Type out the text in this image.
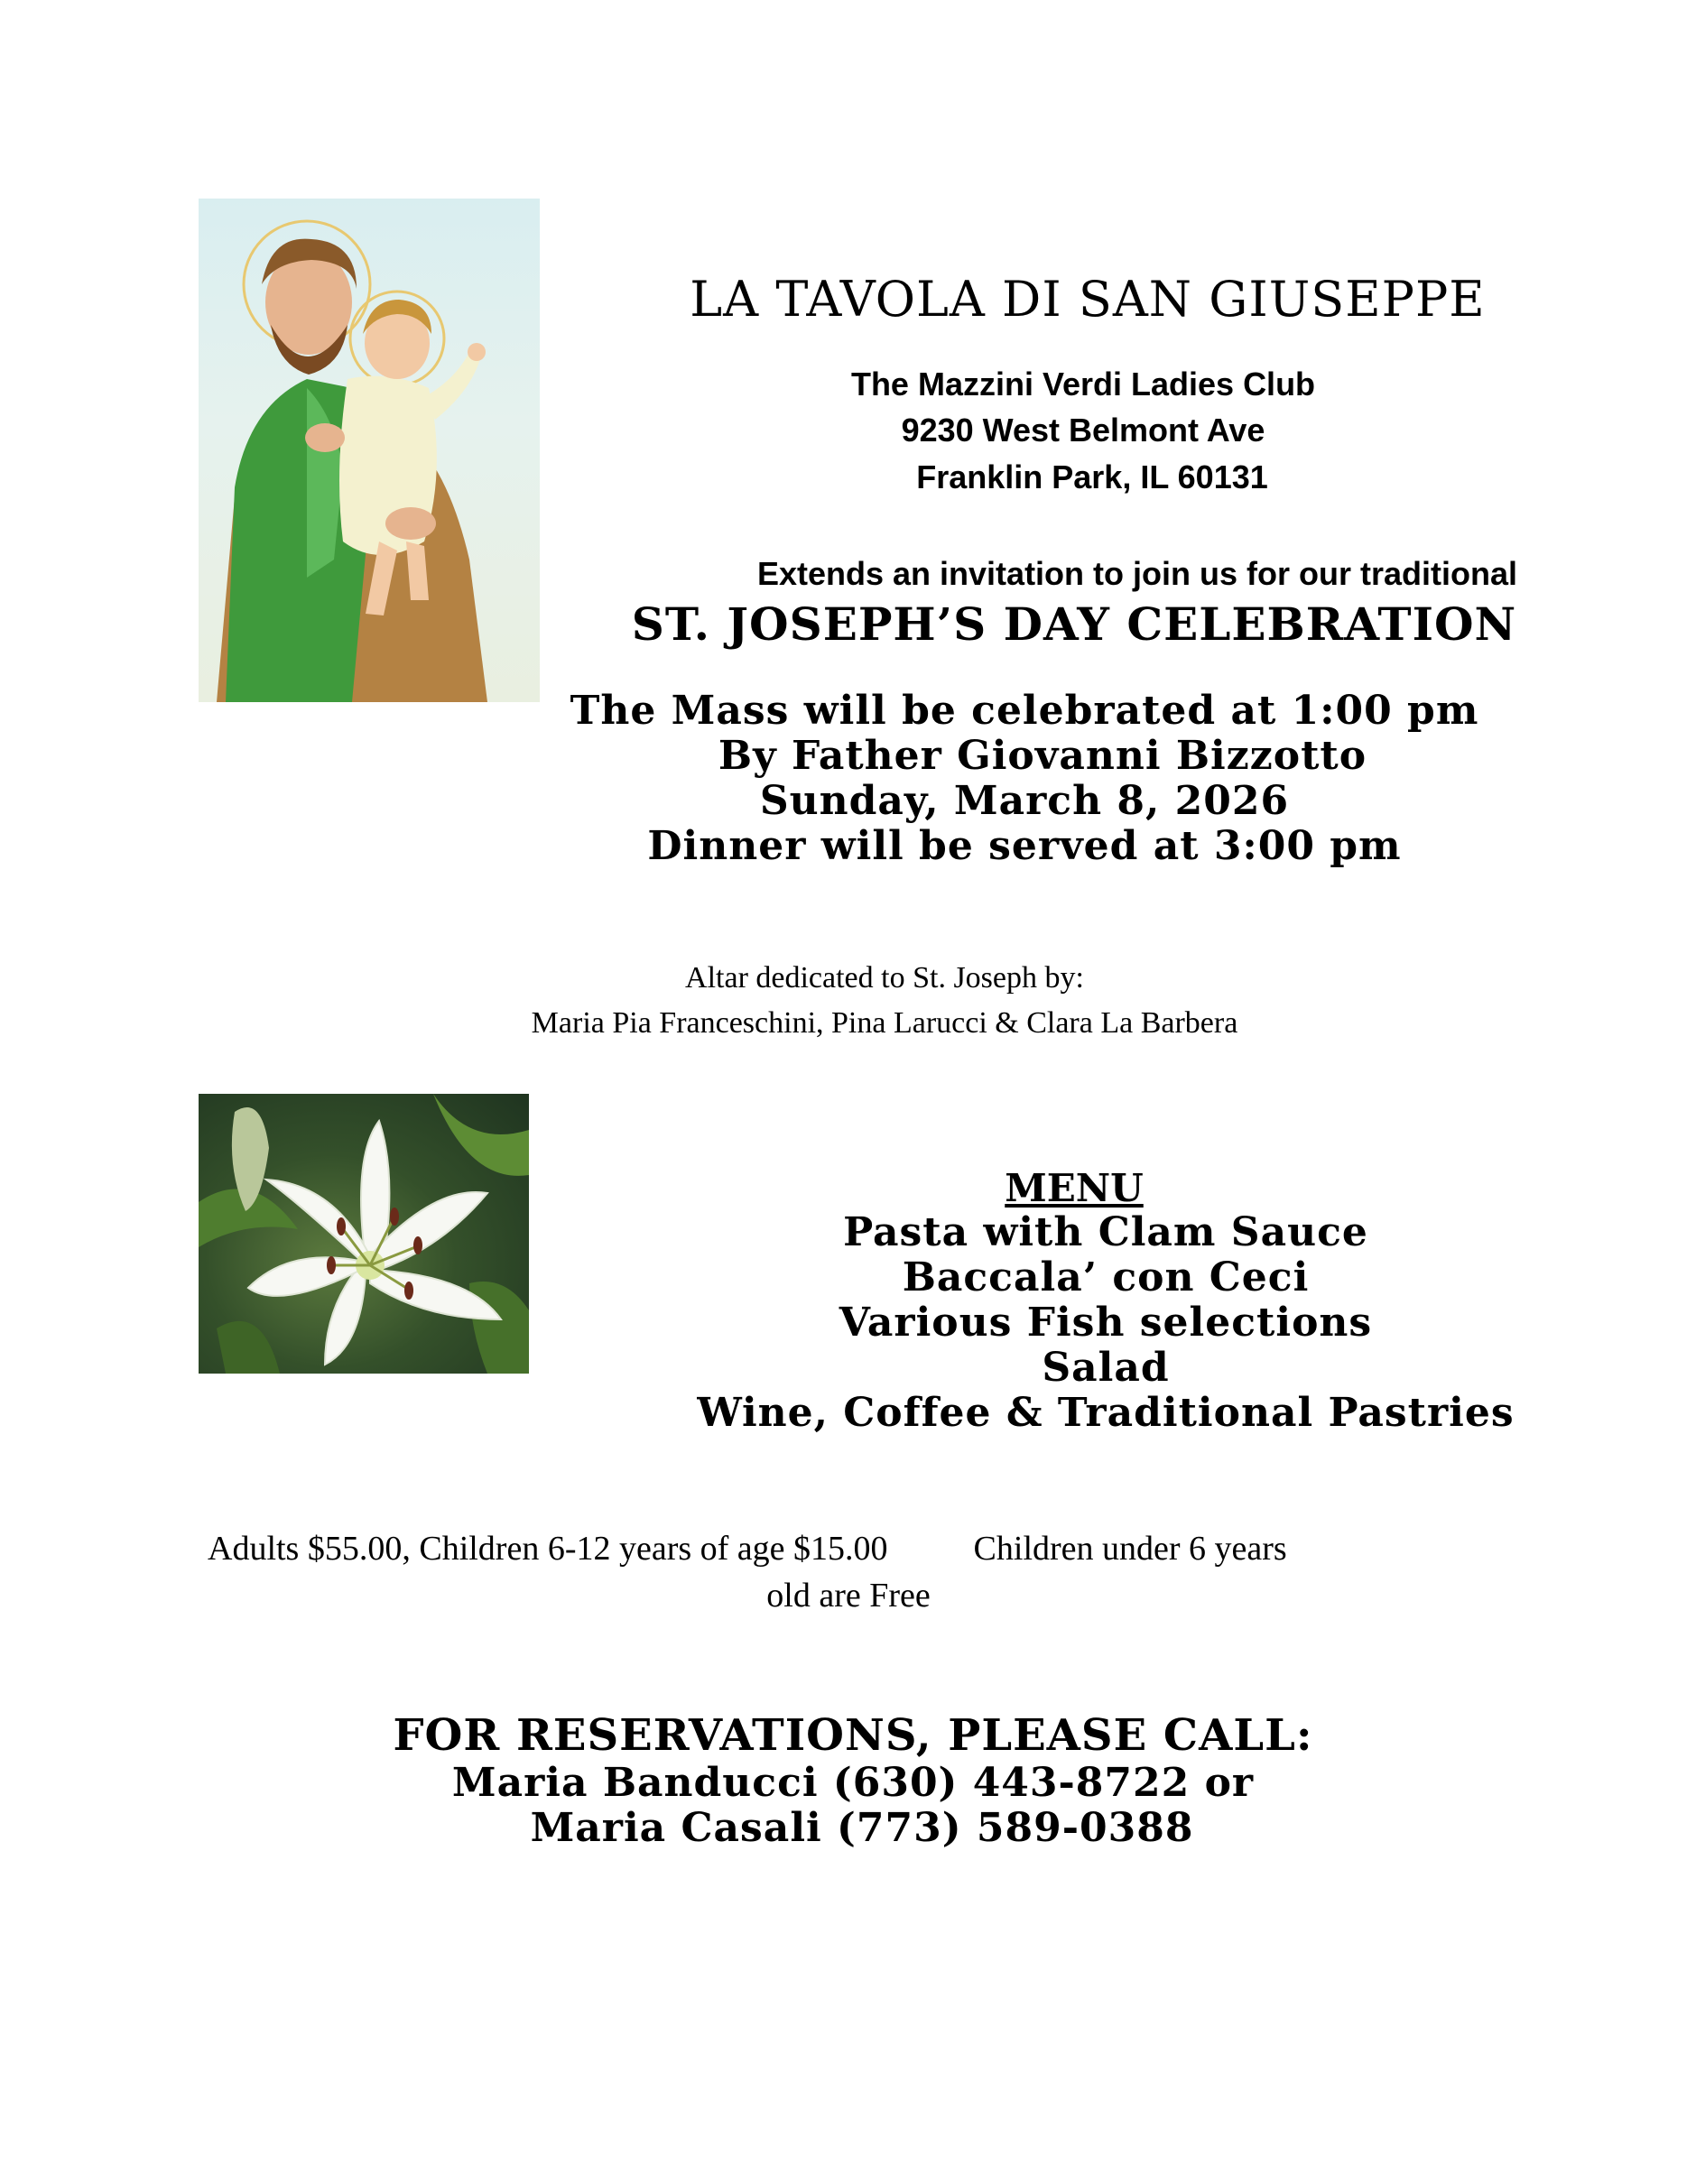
LA TAVOLA DI SAN GIUSEPPE
The Mazzini Verdi Ladies Club
9230 West Belmont Ave
Franklin Park, IL 60131
Extends an invitation to join us for our traditional
ST. JOSEPH’S DAY CELEBRATION
The Mass will be celebrated at 1:00 pm
By Father Giovanni Bizzotto
Sunday, March 8, 2026
Dinner will be served at 3:00 pm
Altar dedicated to St. Joseph by:
Maria Pia Franceschini, Pina Larucci & Clara La Barbera
MENU
Pasta with Clam Sauce
Baccala’ con Ceci
Various Fish selections
Salad
Wine, Coffee & Traditional Pastries
Adults $55.00, Children 6-12 years of age $15.00          Children under 6 years
old are Free
FOR RESERVATIONS, PLEASE CALL:
Maria Banducci (630) 443-8722 or
Maria Casali (773) 589-0388
